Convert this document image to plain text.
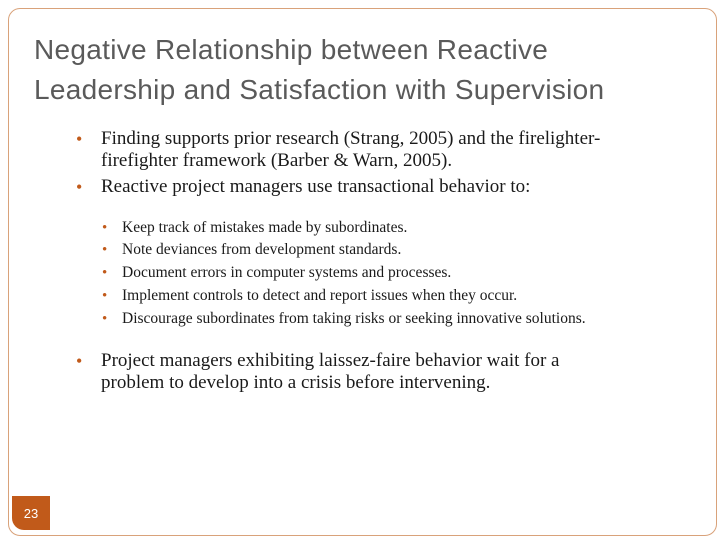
Negative Relationship between Reactive
Leadership and Satisfaction with Supervision
• Finding supports prior research (Strang, 2005) and the firelighter-
firefighter framework (Barber & Warn, 2005).
• Reactive project managers use transactional behavior to:
• Keep track of mistakes made by subordinates.
• Note deviances from development standards.
• Document errors in computer systems and processes.
• Implement controls to detect and report issues when they occur.
• Discourage subordinates from taking risks or seeking innovative solutions.
• Project managers exhibiting laissez-faire behavior wait for a
problem to develop into a crisis before intervening.
23
